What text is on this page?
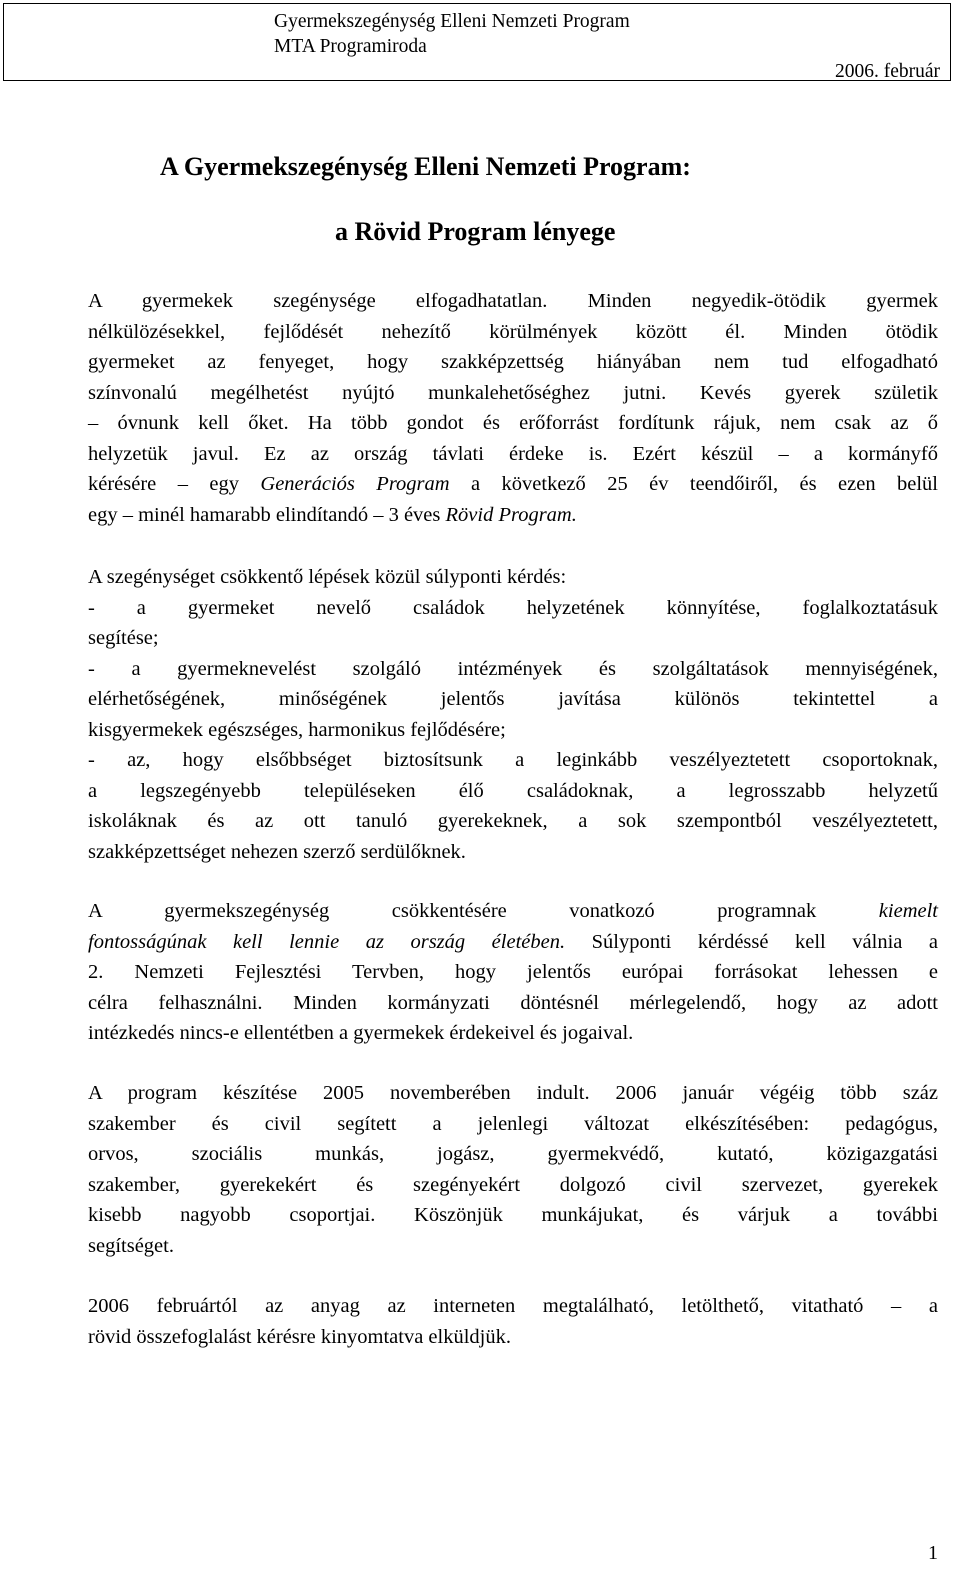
Gyermekszegénység Elleni Nemzeti Program
MTA Programiroda
2006. február
A Gyermekszegénység Elleni Nemzeti Program:
a Rövid Program lényege
A gyermekek szegénysége elfogadhatatlan. Minden negyedik-ötödik gyermek
nélkülözésekkel, fejlődését nehezítő körülmények között él. Minden ötödik
gyermeket az fenyeget, hogy szakképzettség hiányában nem tud elfogadható
színvonalú megélhetést nyújtó munkalehetőséghez jutni. Kevés gyerek születik
– óvnunk kell őket. Ha több gondot és erőforrást fordítunk rájuk, nem csak az ő
helyzetük javul. Ez az ország távlati érdeke is. Ezért készül – a kormányfő
kérésére – egy Generációs Program a következő 25 év teendőiről, és ezen belül
egy – minél hamarabb elindítandó – 3 éves Rövid Program.
A szegénységet csökkentő lépések közül súlyponti kérdés:
- a gyermeket nevelő családok helyzetének könnyítése, foglalkoztatásuk
segítése;
- a gyermeknevelést szolgáló intézmények és szolgáltatások mennyiségének,
elérhetőségének, minőségének jelentős javítása különös tekintettel a
kisgyermekek egészséges, harmonikus fejlődésére;
- az, hogy elsőbbséget biztosítsunk a leginkább veszélyeztetett csoportoknak,
a legszegényebb településeken élő családoknak, a legrosszabb helyzetű
iskoláknak és az ott tanuló gyerekeknek, a sok szempontból veszélyeztetett,
szakképzettséget nehezen szerző serdülőknek.
A gyermekszegénység csökkentésére vonatkozó programnak kiemelt
fontosságúnak kell lennie az ország életében. Súlyponti kérdéssé kell válnia a
2. Nemzeti Fejlesztési Tervben, hogy jelentős európai forrásokat lehessen e
célra felhasználni. Minden kormányzati döntésnél mérlegelendő, hogy az adott
intézkedés nincs-e ellentétben a gyermekek érdekeivel és jogaival.
A program készítése 2005 novemberében indult. 2006 január végéig több száz
szakember és civil segített a jelenlegi változat elkészítésében: pedagógus,
orvos, szociális munkás, jogász, gyermekvédő, kutató, közigazgatási
szakember, gyerekekért és szegényekért dolgozó civil szervezet, gyerekek
kisebb nagyobb csoportjai. Köszönjük munkájukat, és várjuk a további
segítséget.
2006 februártól az anyag az interneten megtalálható, letölthető, vitatható – a
rövid összefoglalást kérésre kinyomtatva elküldjük.
1
